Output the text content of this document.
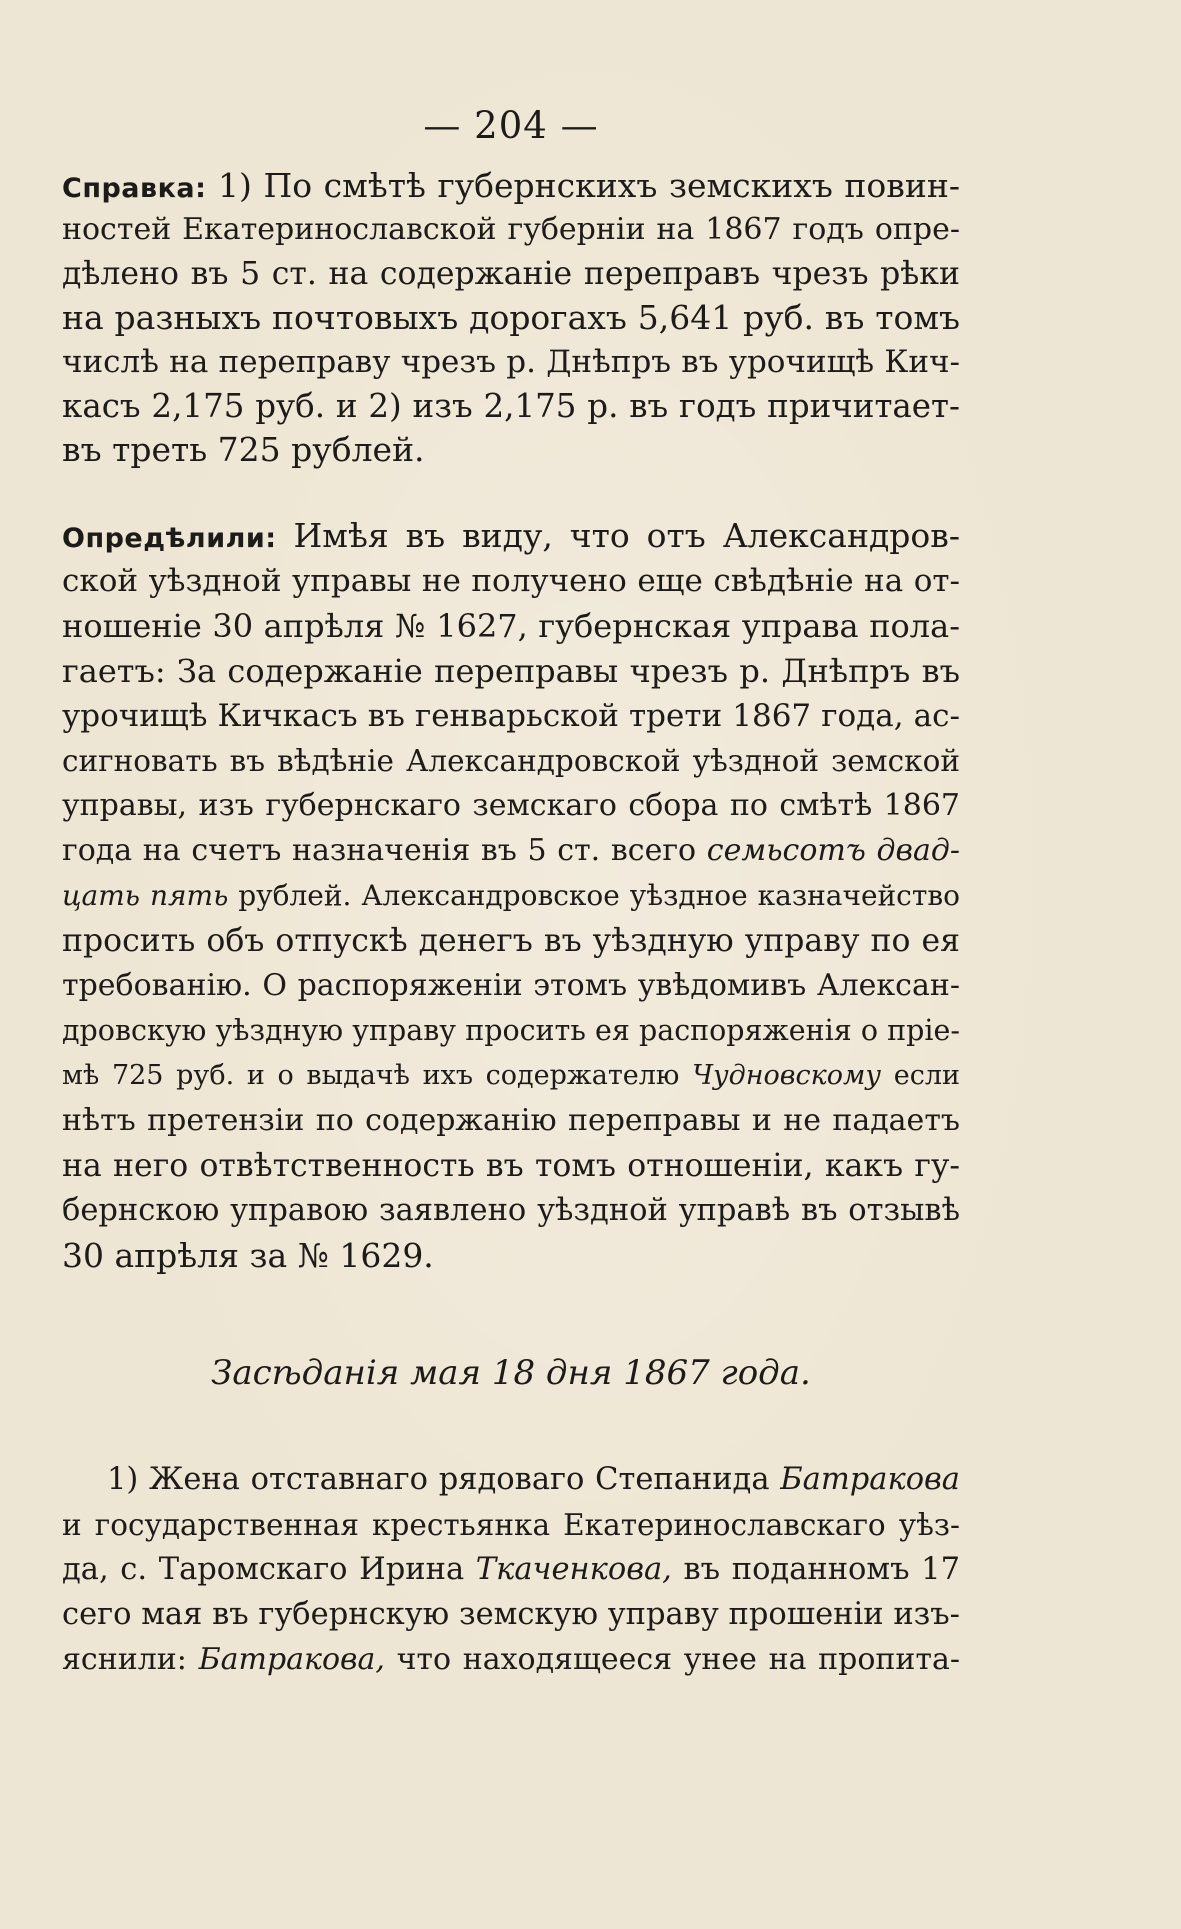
— 204 —
Справка: 1) По смѣтѣ губернскихъ земскихъ повин-
ностей Екатеринославской губерніи на 1867 годъ опре-
дѣлено въ 5 ст. на содержаніе переправъ чрезъ рѣки
на разныхъ почтовыхъ дорогахъ 5,641 руб. въ томъ
числѣ на переправу чрезъ р. Днѣпръ въ урочищѣ Кич-
касъ 2,175 руб. и 2) изъ 2,175 р. въ годъ причитает-
въ треть 725 рублей.
Опредѣлили: Имѣя въ виду, что отъ Александров-
ской уѣздной управы не получено еще свѣдѣніе на от-
ношеніе 30 апрѣля № 1627, губернская управа пола-
гаетъ: За содержаніе переправы чрезъ р. Днѣпръ въ
урочищѣ Кичкасъ въ генварьской трети 1867 года, ас-
сигновать въ вѣдѣніе Александровской уѣздной земской
управы, изъ губернскаго земскаго сбора по смѣтѣ 1867
года на счетъ назначенія въ 5 ст. всего семьсотъ двад-
цать пять рублей. Александровское уѣздное казначейство
просить объ отпускѣ денегъ въ уѣздную управу по ея
требованію. О распоряженіи этомъ увѣдомивъ Алексан-
дровскую уѣздную управу просить ея распоряженія о прiе-
мѣ 725 руб. и о выдачѣ ихъ содержателю Чудновскому если
нѣтъ претензіи по содержанію переправы и не падаетъ
на него отвѣтственность въ томъ отношеніи, какъ гу-
бернскою управою заявлено уѣздной управѣ въ отзывѣ
30 апрѣля за № 1629.
Засѣданія мая 18 дня 1867 года.
1) Жена отставнаго рядоваго Степанида Батракова
и государственная крестьянка Екатеринославскаго уѣз-
да, с. Таромскаго Ирина Ткаченкова, въ поданномъ 17
сего мая въ губернскую земскую управу прошеніи изъ-
яснили: Батракова, что находящееся унее на пропита-
